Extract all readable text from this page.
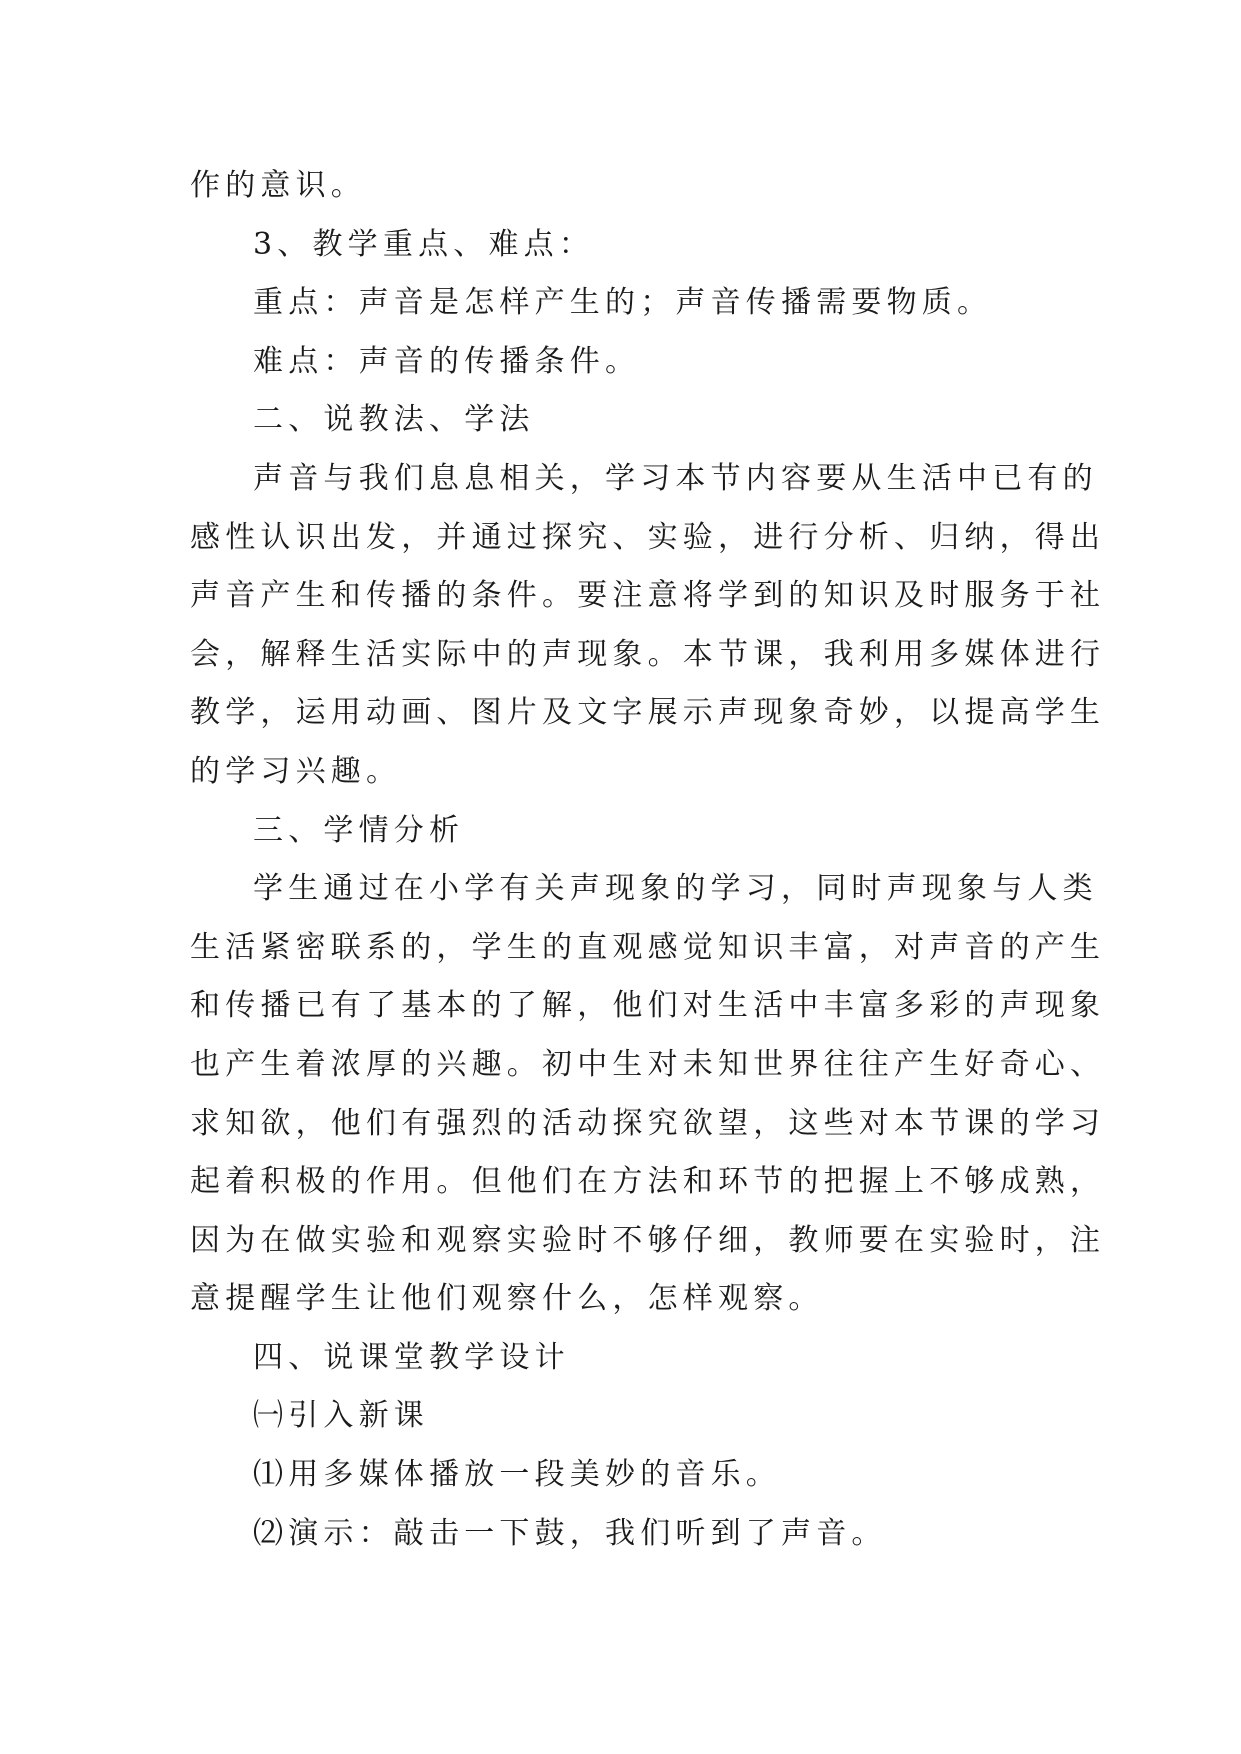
作的意识。
3、教学重点、难点：
重点：声音是怎样产生的；声音传播需要物质。
难点：声音的传播条件。
二、说教法、学法
声音与我们息息相关，学习本节内容要从生活中已有的
感性认识出发，并通过探究、实验，进行分析、归纳，得出
声音产生和传播的条件。要注意将学到的知识及时服务于社
会，解释生活实际中的声现象。本节课，我利用多媒体进行
教学，运用动画、图片及文字展示声现象奇妙，以提高学生
的学习兴趣。
三、学情分析
学生通过在小学有关声现象的学习，同时声现象与人类
生活紧密联系的，学生的直观感觉知识丰富，对声音的产生
和传播已有了基本的了解，他们对生活中丰富多彩的声现象
也产生着浓厚的兴趣。初中生对未知世界往往产生好奇心、
求知欲，他们有强烈的活动探究欲望，这些对本节课的学习
起着积极的作用。但他们在方法和环节的把握上不够成熟，
因为在做实验和观察实验时不够仔细，教师要在实验时，注
意提醒学生让他们观察什么，怎样观察。
四、说课堂教学设计
㈠引入新课
⑴用多媒体播放一段美妙的音乐。
⑵演示：敲击一下鼓，我们听到了声音。
